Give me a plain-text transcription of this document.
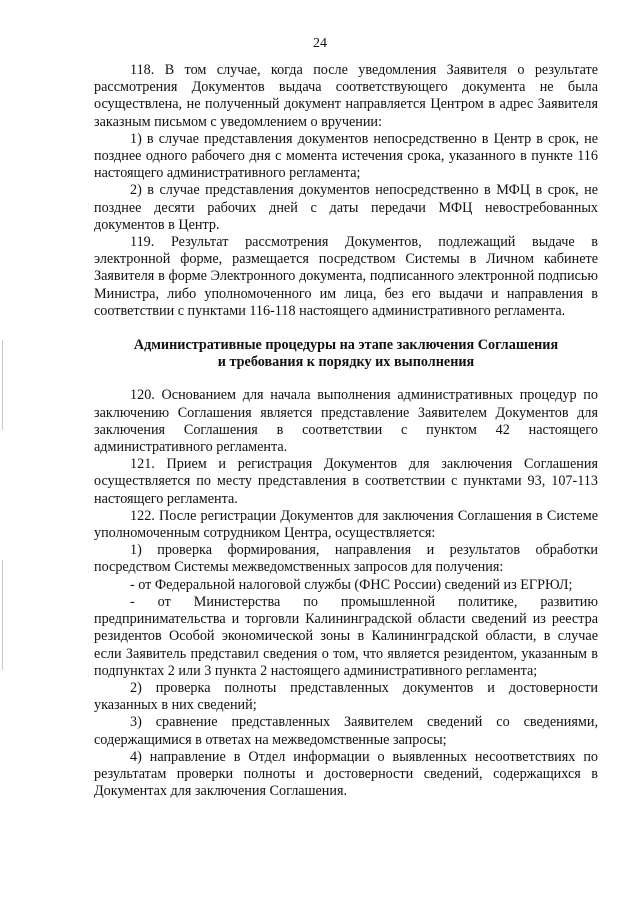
24

118. В том случае, когда после уведомления Заявителя о результате рассмотрения Документов выдача соответствующего документа не была осуществлена, не полученный документ направляется Центром в адрес Заявителя заказным письмом с уведомлением о вручении:

1) в случае представления документов непосредственно в Центр в срок, не позднее одного рабочего дня с момента истечения срока, указанного в пункте 116 настоящего административного регламента;

2) в случае представления документов непосредственно в МФЦ в срок, не позднее десяти рабочих дней с даты передачи МФЦ невостребованных документов в Центр.

119. Результат рассмотрения Документов, подлежащий выдаче в электронной форме, размещается посредством Системы в Личном кабинете Заявителя в форме Электронного документа, подписанного электронной подписью Министра, либо уполномоченного им лица, без его выдачи и направления в соответствии с пунктами 116-118 настоящего административного регламента.

Административные процедуры на этапе заключения Соглашения
и требования к порядку их выполнения

120. Основанием для начала выполнения административных процедур по заключению Соглашения является представление Заявителем Документов для заключения Соглашения в соответствии с пунктом 42 настоящего административного регламента.

121. Прием и регистрация Документов для заключения Соглашения осуществляется по месту представления в соответствии с пунктами 93, 107-113 настоящего регламента.

122. После регистрации Документов для заключения Соглашения в Системе уполномоченным сотрудником Центра, осуществляется:

1) проверка формирования, направления и результатов обработки посредством Системы межведомственных запросов для получения:

- от Федеральной налоговой службы (ФНС России) сведений из ЕГРЮЛ;

- от Министерства по промышленной политике, развитию предпринимательства и торговли Калининградской области сведений из реестра резидентов Особой экономической зоны в Калининградской области, в случае если Заявитель представил сведения о том, что является резидентом, указанным в подпунктах 2 или 3 пункта 2 настоящего административного регламента;

2) проверка полноты представленных документов и достоверности указанных в них сведений;

3) сравнение представленных Заявителем сведений со сведениями, содержащимися в ответах на межведомственные запросы;

4) направление в Отдел информации о выявленных несоответствиях по результатам проверки полноты и достоверности сведений, содержащихся в Документах для заключения Соглашения.
